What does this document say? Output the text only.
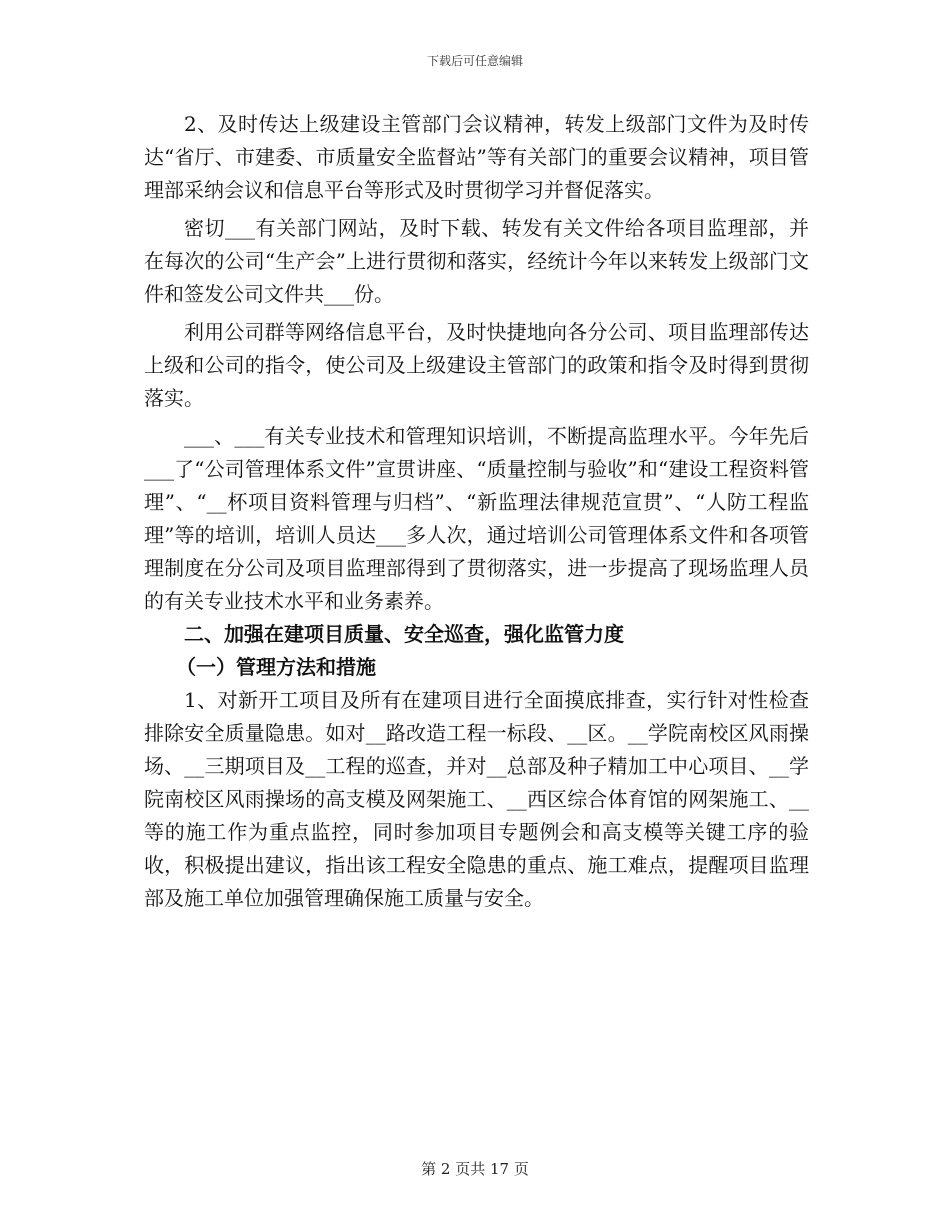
下载后可任意编辑

2、及时传达上级建设主管部门会议精神，转发上级部门文件为及时传达“省厅、市建委、市质量安全监督站”等有关部门的重要会议精神，项目管理部采纳会议和信息平台等形式及时贯彻学习并督促落实。

密切___有关部门网站，及时下载、转发有关文件给各项目监理部，并在每次的公司“生产会”上进行贯彻和落实，经统计今年以来转发上级部门文件和签发公司文件共___份。

利用公司群等网络信息平台，及时快捷地向各分公司、项目监理部传达上级和公司的指令，使公司及上级建设主管部门的政策和指令及时得到贯彻落实。

___、___有关专业技术和管理知识培训，不断提高监理水平。今年先后___了“公司管理体系文件”宣贯讲座、“质量控制与验收”和“建设工程资料管理”、“__杯项目资料管理与归档”、“新监理法律规范宣贯”、“人防工程监理”等的培训，培训人员达___多人次，通过培训公司管理体系文件和各项管理制度在分公司及项目监理部得到了贯彻落实，进一步提高了现场监理人员的有关专业技术水平和业务素养。

二、加强在建项目质量、安全巡查，强化监管力度

（一）管理方法和措施

1、对新开工项目及所有在建项目进行全面摸底排查，实行针对性检查排除安全质量隐患。如对__路改造工程一标段、__区。__学院南校区风雨操场、__三期项目及__工程的巡查，并对__总部及种子精加工中心项目、__学院南校区风雨操场的高支模及网架施工、__西区综合体育馆的网架施工、__等的施工作为重点监控，同时参加项目专题例会和高支模等关键工序的验收，积极提出建议，指出该工程安全隐患的重点、施工难点，提醒项目监理部及施工单位加强管理确保施工质量与安全。

第 2 页共 17 页
